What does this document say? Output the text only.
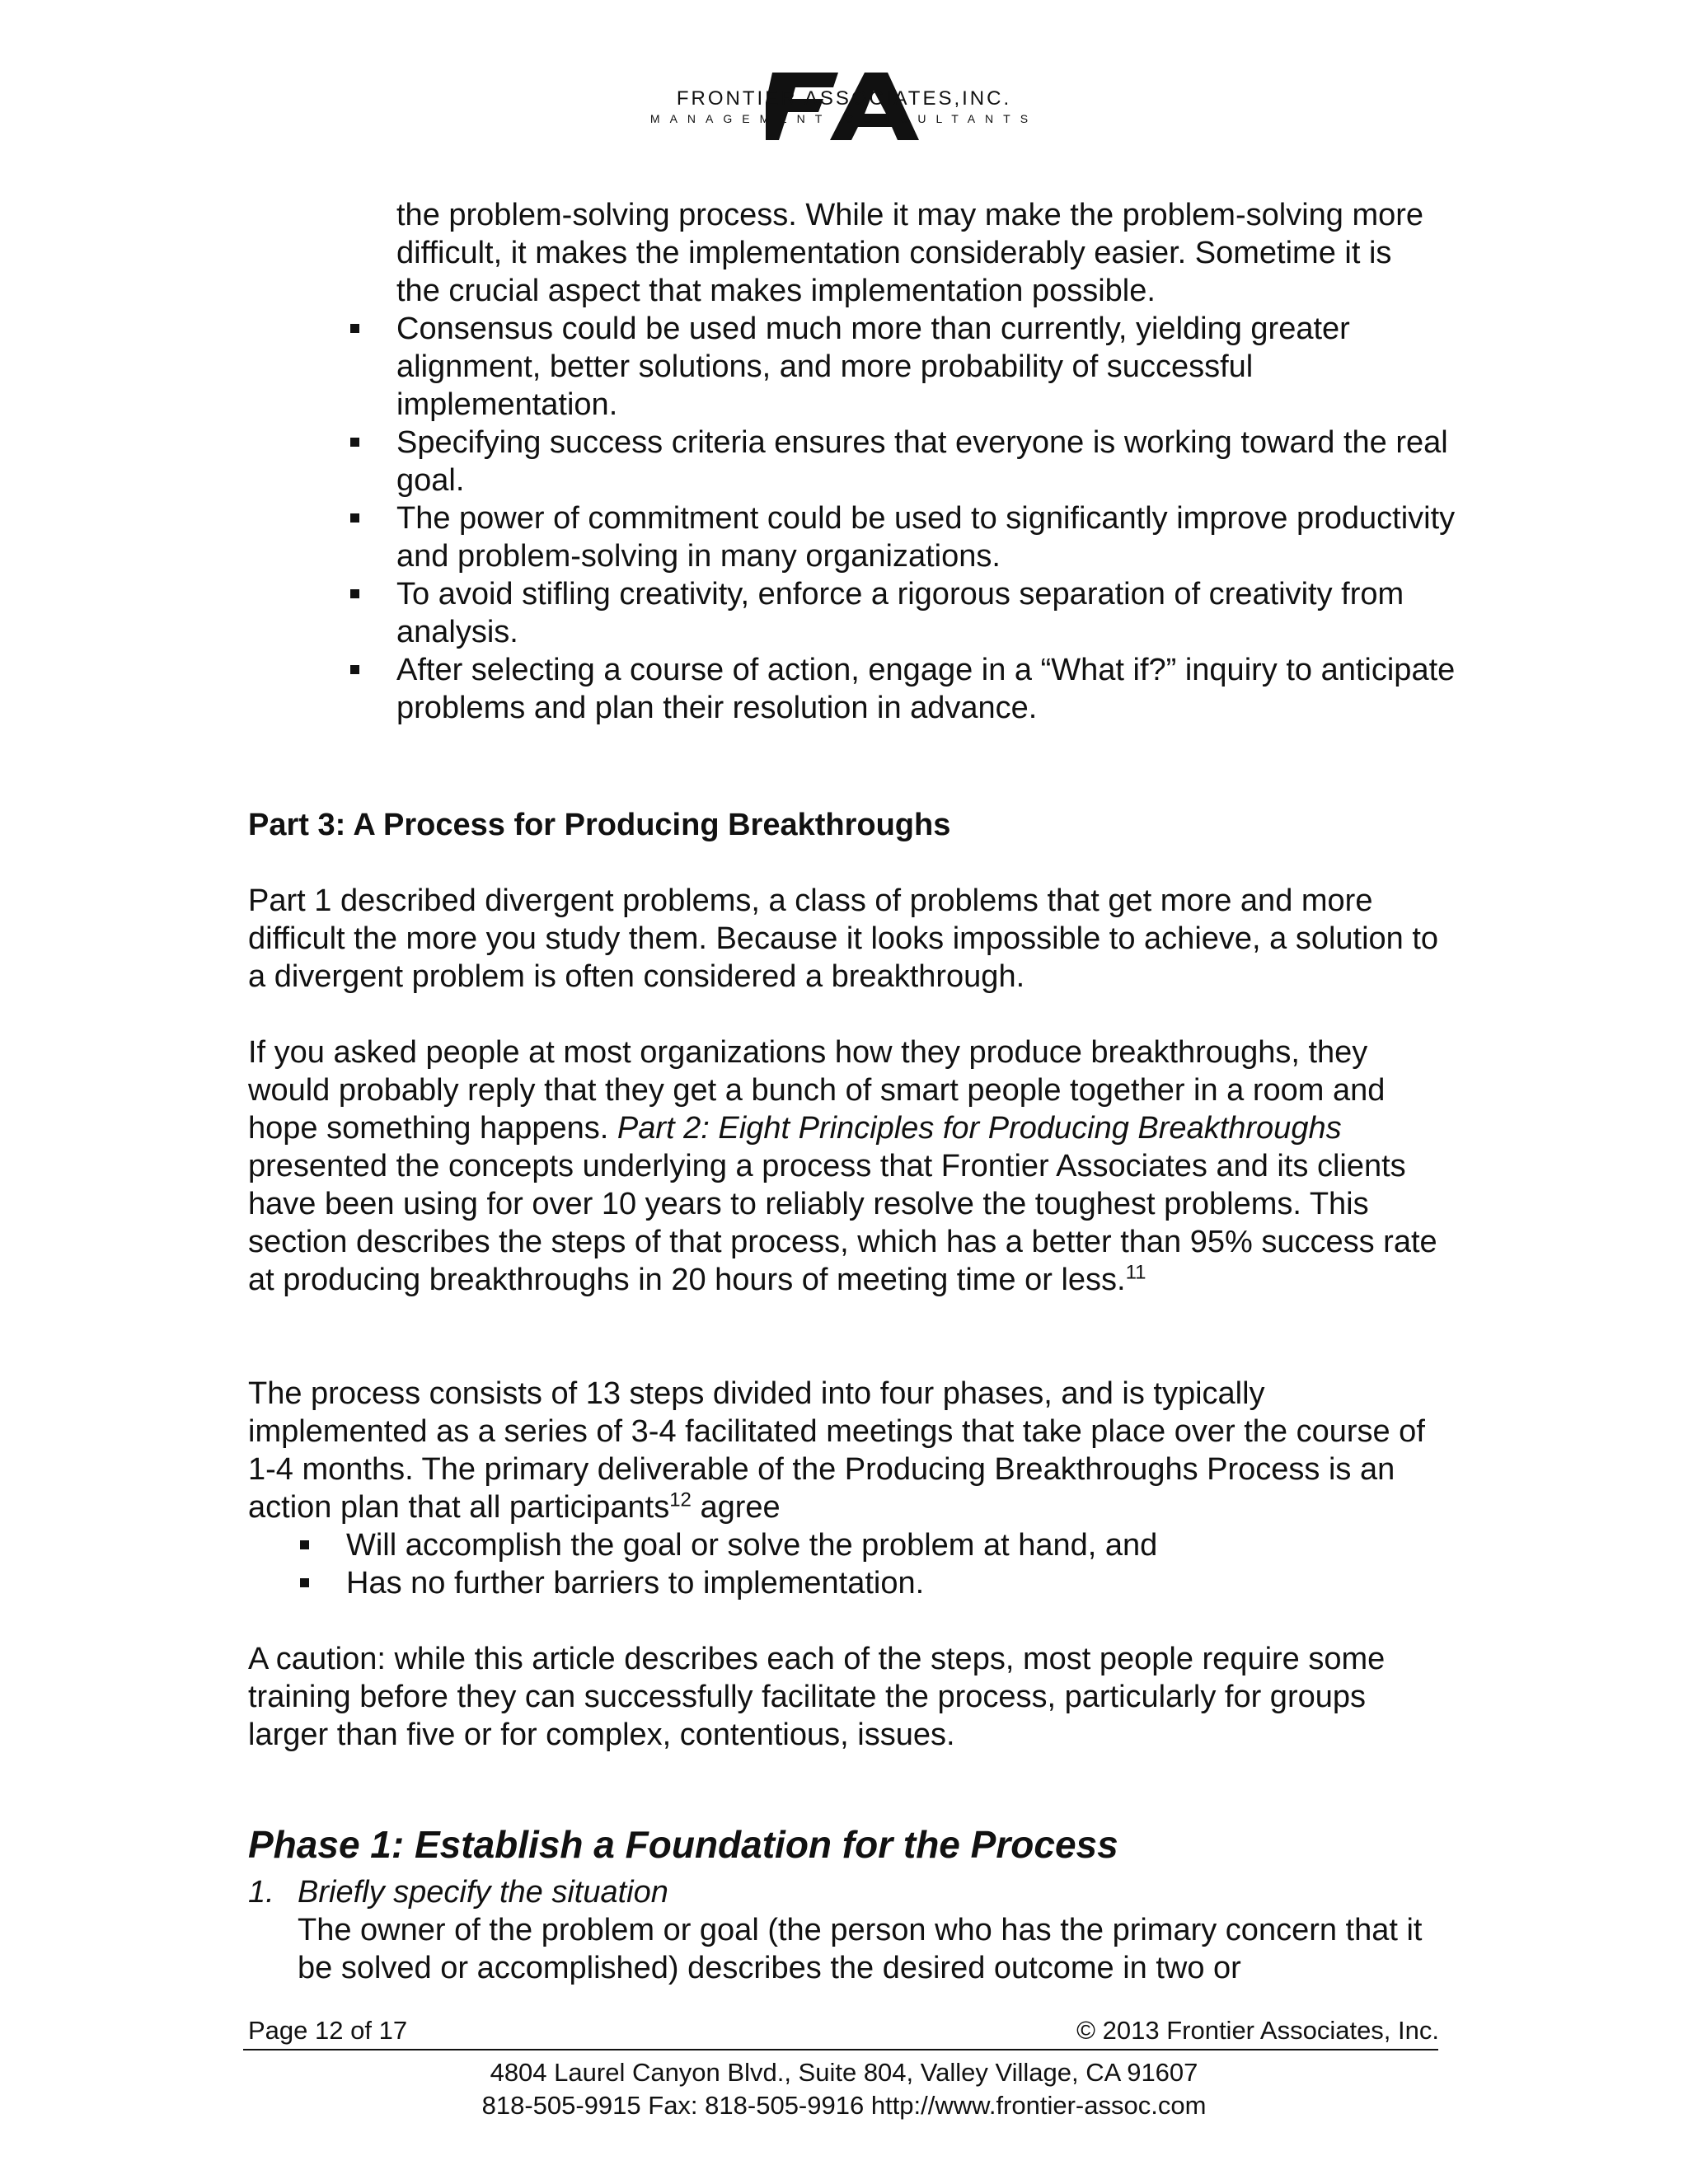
FRONTIER ASSOCIATES,INC.
MANAGEMENT CONSULTANTS
the problem-solving process. While it may make the problem-solving more difficult, it makes the implementation considerably easier. Sometime it is the crucial aspect that makes implementation possible.
Consensus could be used much more than currently, yielding greater alignment, better solutions, and more probability of successful implementation.
Specifying success criteria ensures that everyone is working toward the real goal.
The power of commitment could be used to significantly improve productivity and problem-solving in many organizations.
To avoid stifling creativity, enforce a rigorous separation of creativity from analysis.
After selecting a course of action, engage in a “What if?” inquiry to anticipate problems and plan their resolution in advance.
Part 3: A Process for Producing Breakthroughs

Part 1 described divergent problems, a class of problems that get more and more difficult the more you study them. Because it looks impossible to achieve, a solution to a divergent problem is often considered a breakthrough.

If you asked people at most organizations how they produce breakthroughs, they would probably reply that they get a bunch of smart people together in a room and hope something happens. Part 2: Eight Principles for Producing Breakthroughs presented the concepts underlying a process that Frontier Associates and its clients have been using for over 10 years to reliably resolve the toughest problems. This section describes the steps of that process, which has a better than 95% success rate at producing breakthroughs in 20 hours of meeting time or less.$^{11}$

The process consists of 13 steps divided into four phases, and is typically implemented as a series of 3-4 facilitated meetings that take place over the course of 1-4 months. The primary deliverable of the Producing Breakthroughs Process is an action plan that all participants$^{12}$ agree

Will accomplish the goal or solve the problem at hand, and
Has no further barriers to implementation.

A caution: while this article describes each of the steps, most people require some training before they can successfully facilitate the process, particularly for groups larger than five or for complex, contentious, issues.

Phase 1: Establish a Foundation for the Process
1. Briefly specify the situation
The owner of the problem or goal (the person who has the primary concern that it be solved or accomplished) describes the desired outcome in two or
Page 12 of 17	© 2013 Frontier Associates, Inc.
4804 Laurel Canyon Blvd., Suite 804, Valley Village, CA 91607
818-505-9915 Fax: 818-505-9916 http://www.frontier-assoc.com
